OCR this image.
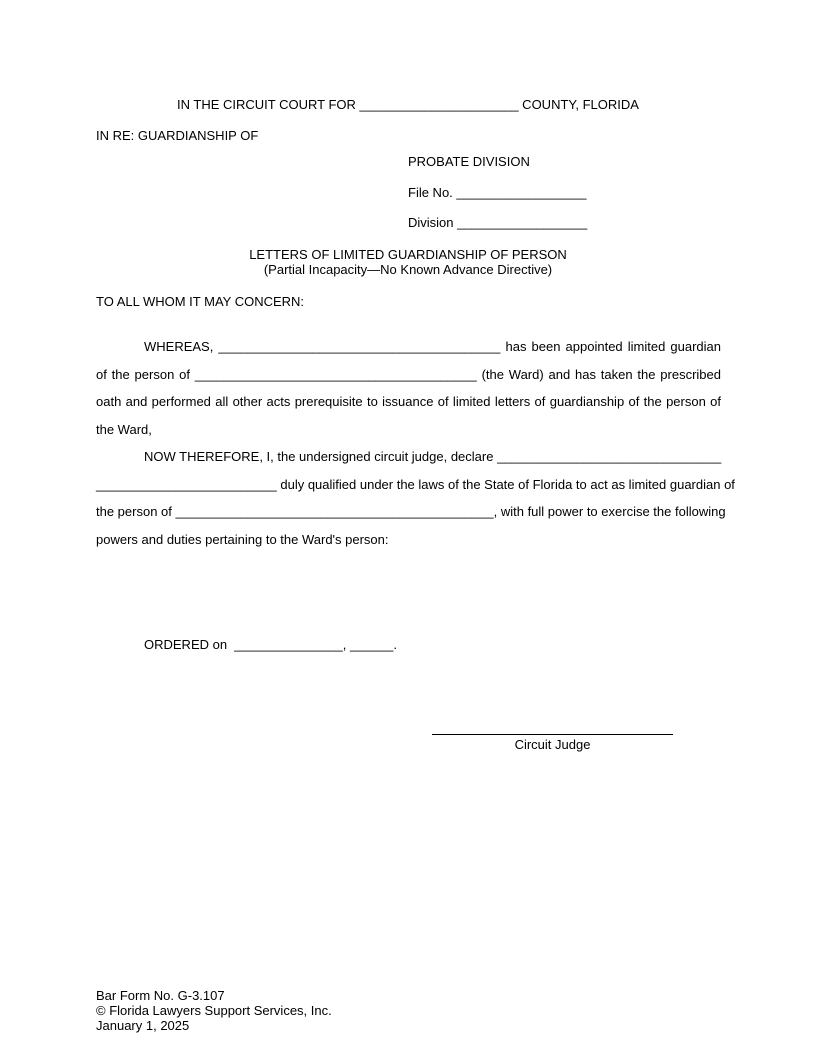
IN THE CIRCUIT COURT FOR ______________________ COUNTY, FLORIDA
IN RE: GUARDIANSHIP OF
PROBATE DIVISION
File No. __________________
Division __________________
LETTERS OF LIMITED GUARDIANSHIP OF PERSON
(Partial Incapacity—No Known Advance Directive)
TO ALL WHOM IT MAY CONCERN:
WHEREAS, _______________________________________ has been appointed limited guardian
of the person of _______________________________________ (the Ward) and has taken the prescribed
oath and performed all other acts prerequisite to issuance of limited letters of guardianship of the person of
the Ward,
NOW THEREFORE, I, the undersigned circuit judge, declare _______________________________
_________________________ duly qualified under the laws of the State of Florida to act as limited guardian of
the person of ____________________________________________, with full power to exercise the following
powers and duties pertaining to the Ward's person:
ORDERED on  _______________, ______.
Circuit Judge
Bar Form No. G-3.107
© Florida Lawyers Support Services, Inc.
January 1, 2025
